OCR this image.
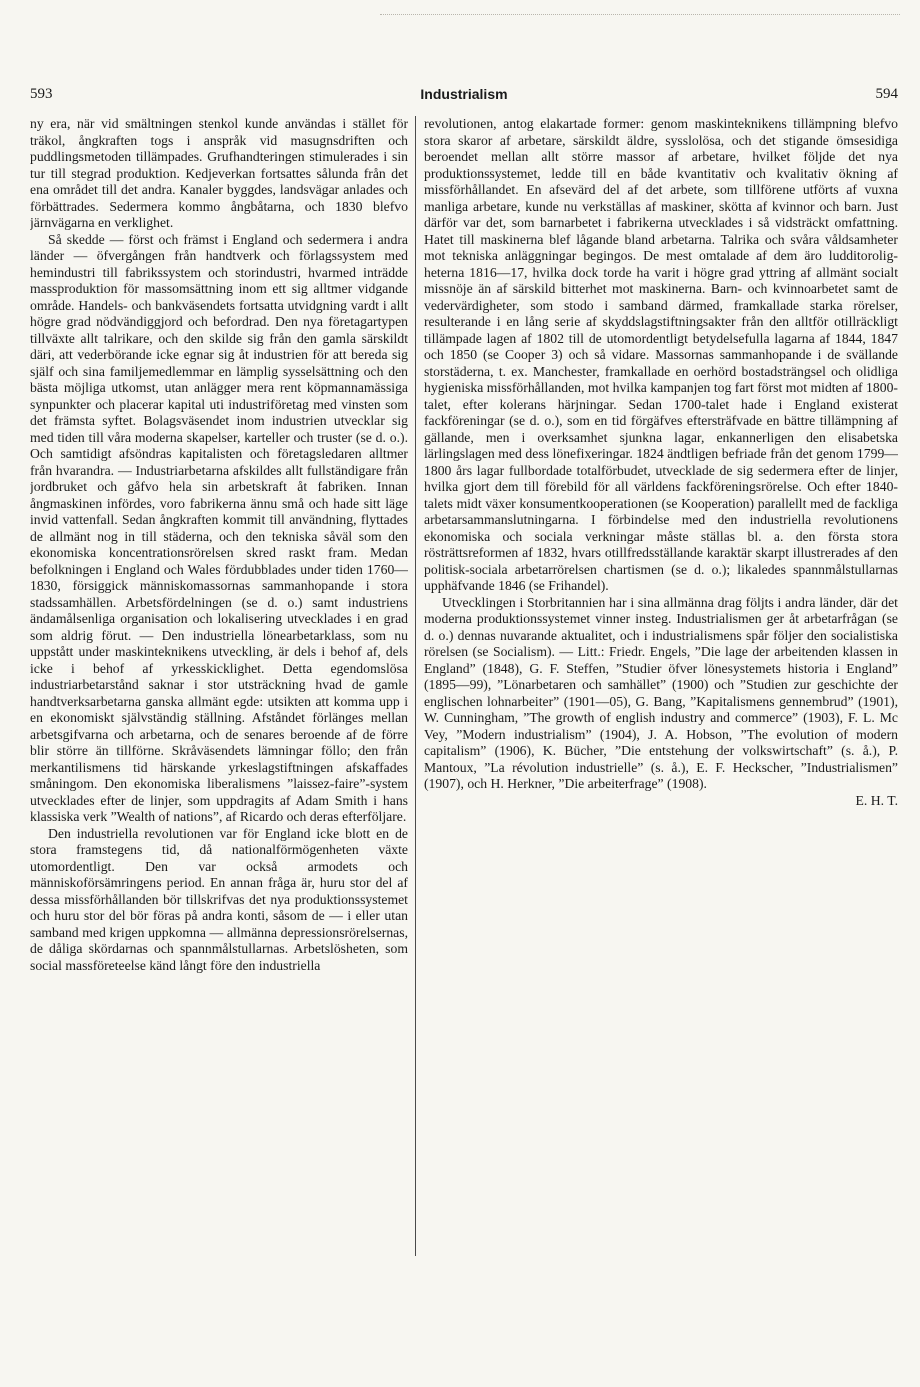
593	Industrialism	594

ny era, när vid smältningen stenkol kunde användas i stället för träkol, ångkraften togs i anspråk vid masugnsdriften och puddlingsmetoden tillämpades. Grufhandteringen stimulerades i sin tur till stegrad produktion. Kedjeverkan fortsattes sålunda från det ena området till det andra. Kanaler byggdes, landsvägar anlades och förbättrades. Sedermera kommo ångbåtarna, och 1830 blefvo järnvägarna en verklighet.

Så skedde — först och främst i England och sedermera i andra länder — öfvergången från handtverk och förlagssystem med hemindustri till fabrikssystem och storindustri, hvarmed inträdde massproduktion för massomsättning inom ett sig alltmer vidgande område. Handels- och bankväsendets fortsatta utvidgning vardt i allt högre grad nödvändiggjord och befordrad. Den nya företagartypen tillväxte allt talrikare, och den skilde sig från den gamla särskildt däri, att vederbörande icke egnar sig åt industrien för att bereda sig själf och sina familjemedlemmar en lämplig sysselsättning och den bästa möjliga utkomst, utan anlägger mera rent köpmannamässiga synpunkter och placerar kapital uti industriföretag med vinsten som det främsta syftet. Bolagsväsendet inom industrien utvecklar sig med tiden till våra moderna skapelser, karteller och truster (se d. o.). Och samtidigt afsöndras kapitalisten och företagsledaren alltmer från hvarandra. — Industriarbetarna afskildes allt fullständigare från jordbruket och gåfvo hela sin arbetskraft åt fabriken. Innan ångmaskinen infördes, voro fabrikerna ännu små och hade sitt läge invid vattenfall. Sedan ångkraften kommit till användning, flyttades de allmänt nog in till städerna, och den tekniska såväl som den ekonomiska koncentrationsrörelsen skred raskt fram. Medan befolkningen i England och Wales fördubblades under tiden 1760—1830, försiggick människomassornas sammanhopande i stora stadssamhällen. Arbetsfördelningen (se d. o.) samt industriens ändamålsenliga organisation och lokalisering utvecklades i en grad som aldrig förut. — Den industriella lönearbetarklass, som nu uppstått under maskinteknikens utveckling, är dels i behof af, dels icke i behof af yrkesskicklighet. Detta egendomslösa industriarbetarstånd saknar i stor utsträckning hvad de gamle handtverksarbetarna ganska allmänt egde: utsikten att komma upp i en ekonomiskt självständig ställning. Afståndet förlänges mellan arbetsgifvarna och arbetarna, och de senares beroende af de förre blir större än tillförne. Skråväsendets lämningar föllo; den från merkantilismens tid härskande yrkeslagstiftningen afskaffades småningom. Den ekonomiska liberalismens ”laissez-faire”-system utvecklades efter de linjer, som uppdragits af Adam Smith i hans klassiska verk ”Wealth of nations”, af Ricardo och deras efterföljare.

Den industriella revolutionen var för England icke blott en de stora framstegens tid, då nationalförmögenheten växte utomordentligt. Den var också armodets och människoförsämringens period. En annan fråga är, huru stor del af dessa missförhållanden bör tillskrifvas det nya produktionssystemet och huru stor del bör föras på andra konti, såsom de — i eller utan samband med krigen uppkomna — allmänna depressionsrörelsernas, de dåliga skördarnas och spannmålstullarnas. Arbetslösheten, som social massföreteelse känd långt före den industriella

revolutionen, antog elakartade former: genom maskinteknikens tillämpning blefvo stora skaror af arbetare, särskildt äldre, sysslolösa, och det stigande ömsesidiga beroendet mellan allt större massor af arbetare, hvilket följde det nya produktionssystemet, ledde till en både kvantitativ och kvalitativ ökning af missförhållandet. En afsevärd del af det arbete, som tillförene utförts af vuxna manliga arbetare, kunde nu verkställas af maskiner, skötta af kvinnor och barn. Just därför var det, som barnarbetet i fabrikerna utvecklades i så vidsträckt omfattning. Hatet till maskinerna blef lågande bland arbetarna. Talrika och svåra våldsamheter mot tekniska anläggningar begingos. De mest omtalade af dem äro ludditorolig-heterna 1816—17, hvilka dock torde ha varit i högre grad yttring af allmänt socialt missnöje än af särskild bitterhet mot maskinerna. Barn- och kvinnoarbetet samt de vedervärdigheter, som stodo i samband därmed, framkallade starka rörelser, resulterande i en lång serie af skyddslagstiftningsakter från den alltför otillräckligt tillämpade lagen af 1802 till de utomordentligt betydelsefulla lagarna af 1844, 1847 och 1850 (se Cooper 3) och så vidare. Massornas sammanhopande i de svällande storstäderna, t. ex. Manchester, framkallade en oerhörd bostadsträngsel och olidliga hygieniska missförhållanden, mot hvilka kampanjen tog fart först mot midten af 1800-talet, efter kolerans härjningar. Sedan 1700-talet hade i England existerat fackföreningar (se d. o.), som en tid förgäfves eftersträfvade en bättre tillämpning af gällande, men i overksamhet sjunkna lagar, enkannerligen den elisabetska lärlingslagen med dess lönefixeringar. 1824 ändtligen befriade från det genom 1799—1800 års lagar fullbordade totalförbudet, utvecklade de sig sedermera efter de linjer, hvilka gjort dem till förebild för all världens fackföreningsrörelse. Och efter 1840-talets midt växer konsumentkooperationen (se Kooperation) parallellt med de fackliga arbetarsammanslutningarna. I förbindelse med den industriella revolutionens ekonomiska och sociala verkningar måste ställas bl. a. den första stora rösträttsreformen af 1832, hvars otillfredsställande karaktär skarpt illustrerades af den politisk-sociala arbetarrörelsen chartismen (se d. o.); likaledes spannmålstullarnas upphäfvande 1846 (se Frihandel).

Utvecklingen i Storbritannien har i sina allmänna drag följts i andra länder, där det moderna produktionssystemet vinner insteg. Industrialismen ger åt arbetarfrågan (se d. o.) dennas nuvarande aktualitet, och i industrialismens spår följer den socialistiska rörelsen (se Socialism). — Litt.: Friedr. Engels, ”Die lage der arbeitenden klassen in England” (1848), G. F. Steffen, ”Studier öfver lönesystemets historia i England” (1895—99), ”Lönarbetaren och samhället” (1900) och ”Studien zur geschichte der englischen lohnarbeiter” (1901—05), G. Bang, ”Kapitalismens gennembrud” (1901), W. Cunningham, ”The growth of english industry and commerce” (1903), F. L. Mc Vey, ”Modern industrialism” (1904), J. A. Hobson, ”The evolution of modern capitalism” (1906), K. Bücher, ”Die entstehung der volkswirtschaft” (s. å.), P. Mantoux, ”La révolution industrielle” (s. å.), E. F. Heckscher, ”Industrialismen” (1907), och H. Herkner, ”Die arbeiterfrage” (1908).

E. H. T.
